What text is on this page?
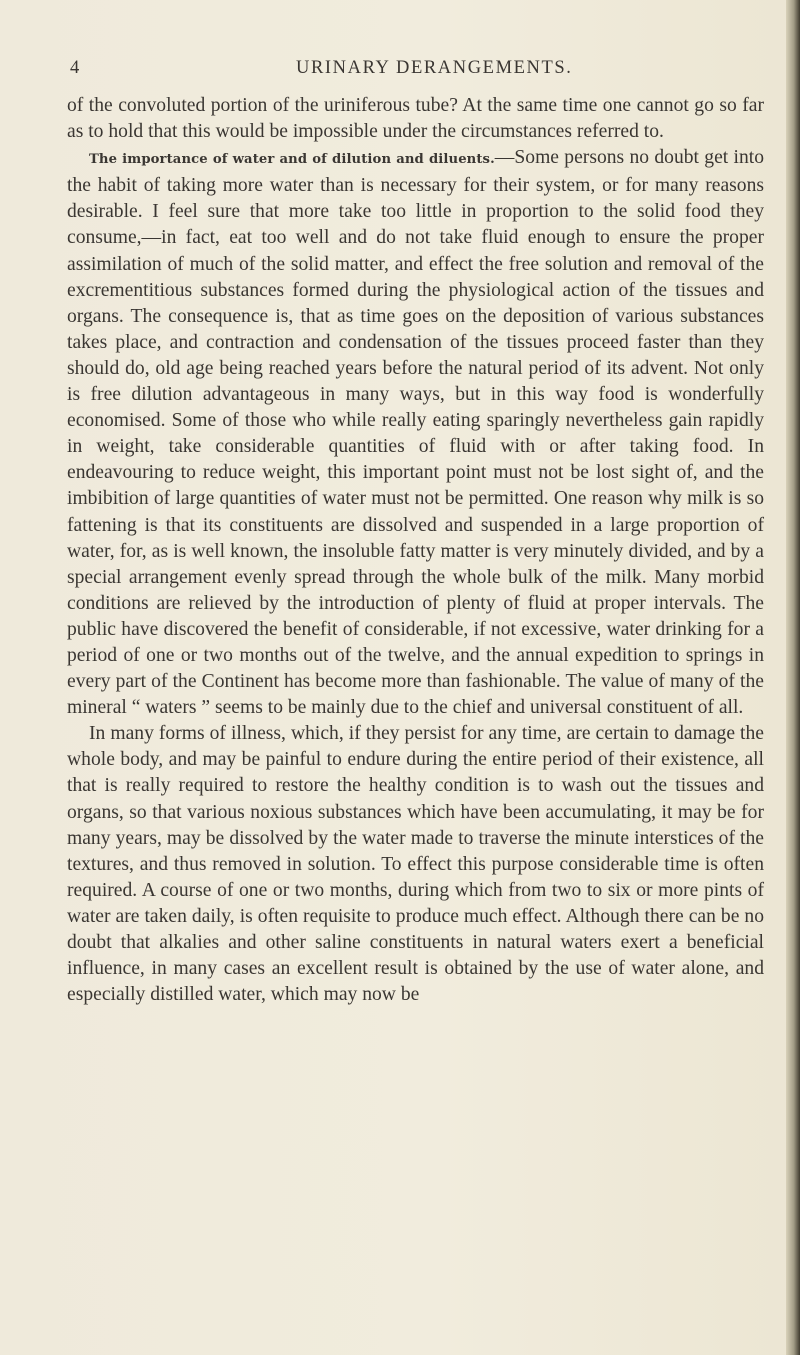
4	URINARY DERANGEMENTS.

of the convoluted portion of the uriniferous tube? At the same time one cannot go so far as to hold that this would be impossible under the circumstances referred to.

The importance of water and of dilution and diluents.—Some persons no doubt get into the habit of taking more water than is necessary for their system, or for many reasons desirable. I feel sure that more take too little in proportion to the solid food they consume,—in fact, eat too well and do not take fluid enough to ensure the proper assimilation of much of the solid matter, and effect the free solution and removal of the excrementitious substances formed during the physiological action of the tissues and organs. The consequence is, that as time goes on the deposition of various substances takes place, and contraction and condensation of the tissues proceed faster than they should do, old age being reached years before the natural period of its advent. Not only is free dilution advantageous in many ways, but in this way food is wonderfully economised. Some of those who while really eating sparingly nevertheless gain rapidly in weight, take considerable quantities of fluid with or after taking food. In endeavouring to reduce weight, this important point must not be lost sight of, and the imbibition of large quantities of water must not be permitted. One reason why milk is so fattening is that its constituents are dissolved and suspended in a large proportion of water, for, as is well known, the insoluble fatty matter is very minutely divided, and by a special arrangement evenly spread through the whole bulk of the milk. Many morbid conditions are relieved by the introduction of plenty of fluid at proper intervals. The public have discovered the benefit of considerable, if not excessive, water drinking for a period of one or two months out of the twelve, and the annual expedition to springs in every part of the Continent has become more than fashionable. The value of many of the mineral “ waters ” seems to be mainly due to the chief and universal constituent of all.

In many forms of illness, which, if they persist for any time, are certain to damage the whole body, and may be painful to endure during the entire period of their existence, all that is really required to restore the healthy condition is to wash out the tissues and organs, so that various noxious substances which have been accumulating, it may be for many years, may be dissolved by the water made to traverse the minute interstices of the textures, and thus removed in solution. To effect this purpose considerable time is often required. A course of one or two months, during which from two to six or more pints of water are taken daily, is often requisite to produce much effect. Although there can be no doubt that alkalies and other saline constituents in natural waters exert a beneficial influence, in many cases an excellent result is obtained by the use of water alone, and especially distilled water, which may now be
